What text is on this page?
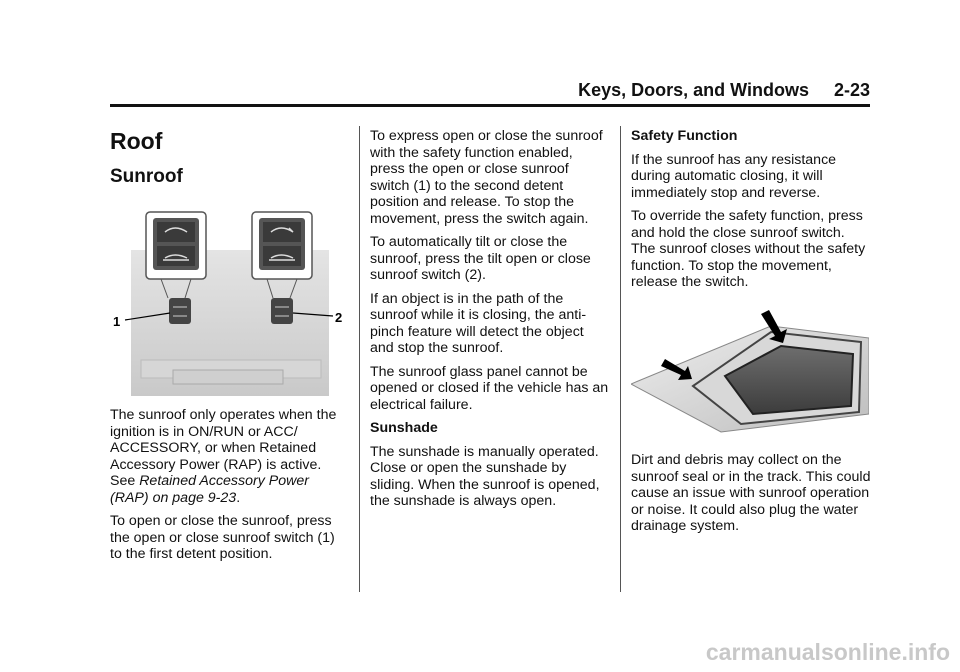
Keys, Doors, and Windows     2-23
Roof
Sunroof
1	2

The sunroof only operates when the ignition is in ON/RUN or ACC/ ACCESSORY, or when Retained Accessory Power (RAP) is active. See Retained Accessory Power (RAP) on page 9-23.

To open or close the sunroof, press the open or close sunroof switch (1) to the first detent position.

To express open or close the sunroof with the safety function enabled, press the open or close sunroof switch (1) to the second detent position and release. To stop the movement, press the switch again.

To automatically tilt or close the sunroof, press the tilt open or close sunroof switch (2).

If an object is in the path of the sunroof while it is closing, the anti-pinch feature will detect the object and stop the sunroof.

The sunroof glass panel cannot be opened or closed if the vehicle has an electrical failure.

Sunshade

The sunshade is manually operated. Close or open the sunshade by sliding. When the sunroof is opened, the sunshade is always open.

Safety Function

If the sunroof has any resistance during automatic closing, it will immediately stop and reverse.

To override the safety function, press and hold the close sunroof switch. The sunroof closes without the safety function. To stop the movement, release the switch.

Dirt and debris may collect on the sunroof seal or in the track. This could cause an issue with sunroof operation or noise. It could also plug the water drainage system.

carmanualsonline.info
